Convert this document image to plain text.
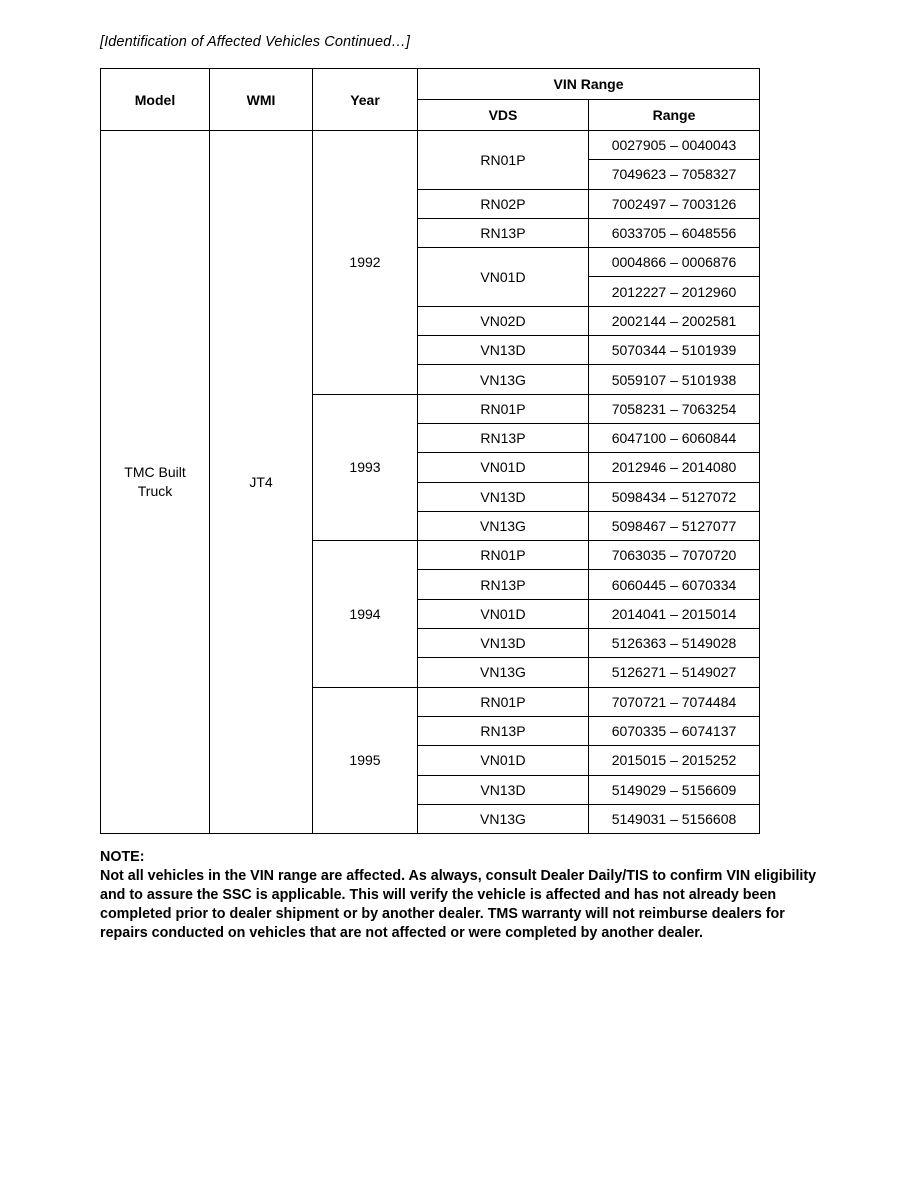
[Identification of Affected Vehicles Continued…]
Model	WMI	Year	VIN Range	
			VDS	Range
TMC Built
Truck	JT4	1992	RN01P	0027905 – 0040043
				7049623 – 7058327
			RN02P	7002497 – 7003126
			RN13P	6033705 – 6048556
			VN01D	0004866 – 0006876
				2012227 – 2012960
			VN02D	2002144 – 2002581
			VN13D	5070344 – 5101939
			VN13G	5059107 – 5101938
		1993	RN01P	7058231 – 7063254
			RN13P	6047100 – 6060844
			VN01D	2012946 – 2014080
			VN13D	5098434 – 5127072
			VN13G	5098467 – 5127077
		1994	RN01P	7063035 – 7070720
			RN13P	6060445 – 6070334
			VN01D	2014041 – 2015014
			VN13D	5126363 – 5149028
			VN13G	5126271 – 5149027
		1995	RN01P	7070721 – 7074484
			RN13P	6070335 – 6074137
			VN01D	2015015 – 2015252
			VN13D	5149029 – 5156609
			VN13G	5149031 – 5156608
NOTE:
Not all vehicles in the VIN range are affected. As always, consult Dealer Daily/TIS to confirm VIN eligibility and to assure the SSC is applicable. This will verify the vehicle is affected and has not already been completed prior to dealer shipment or by another dealer. TMS warranty will not reimburse dealers for repairs conducted on vehicles that are not affected or were completed by another dealer.
